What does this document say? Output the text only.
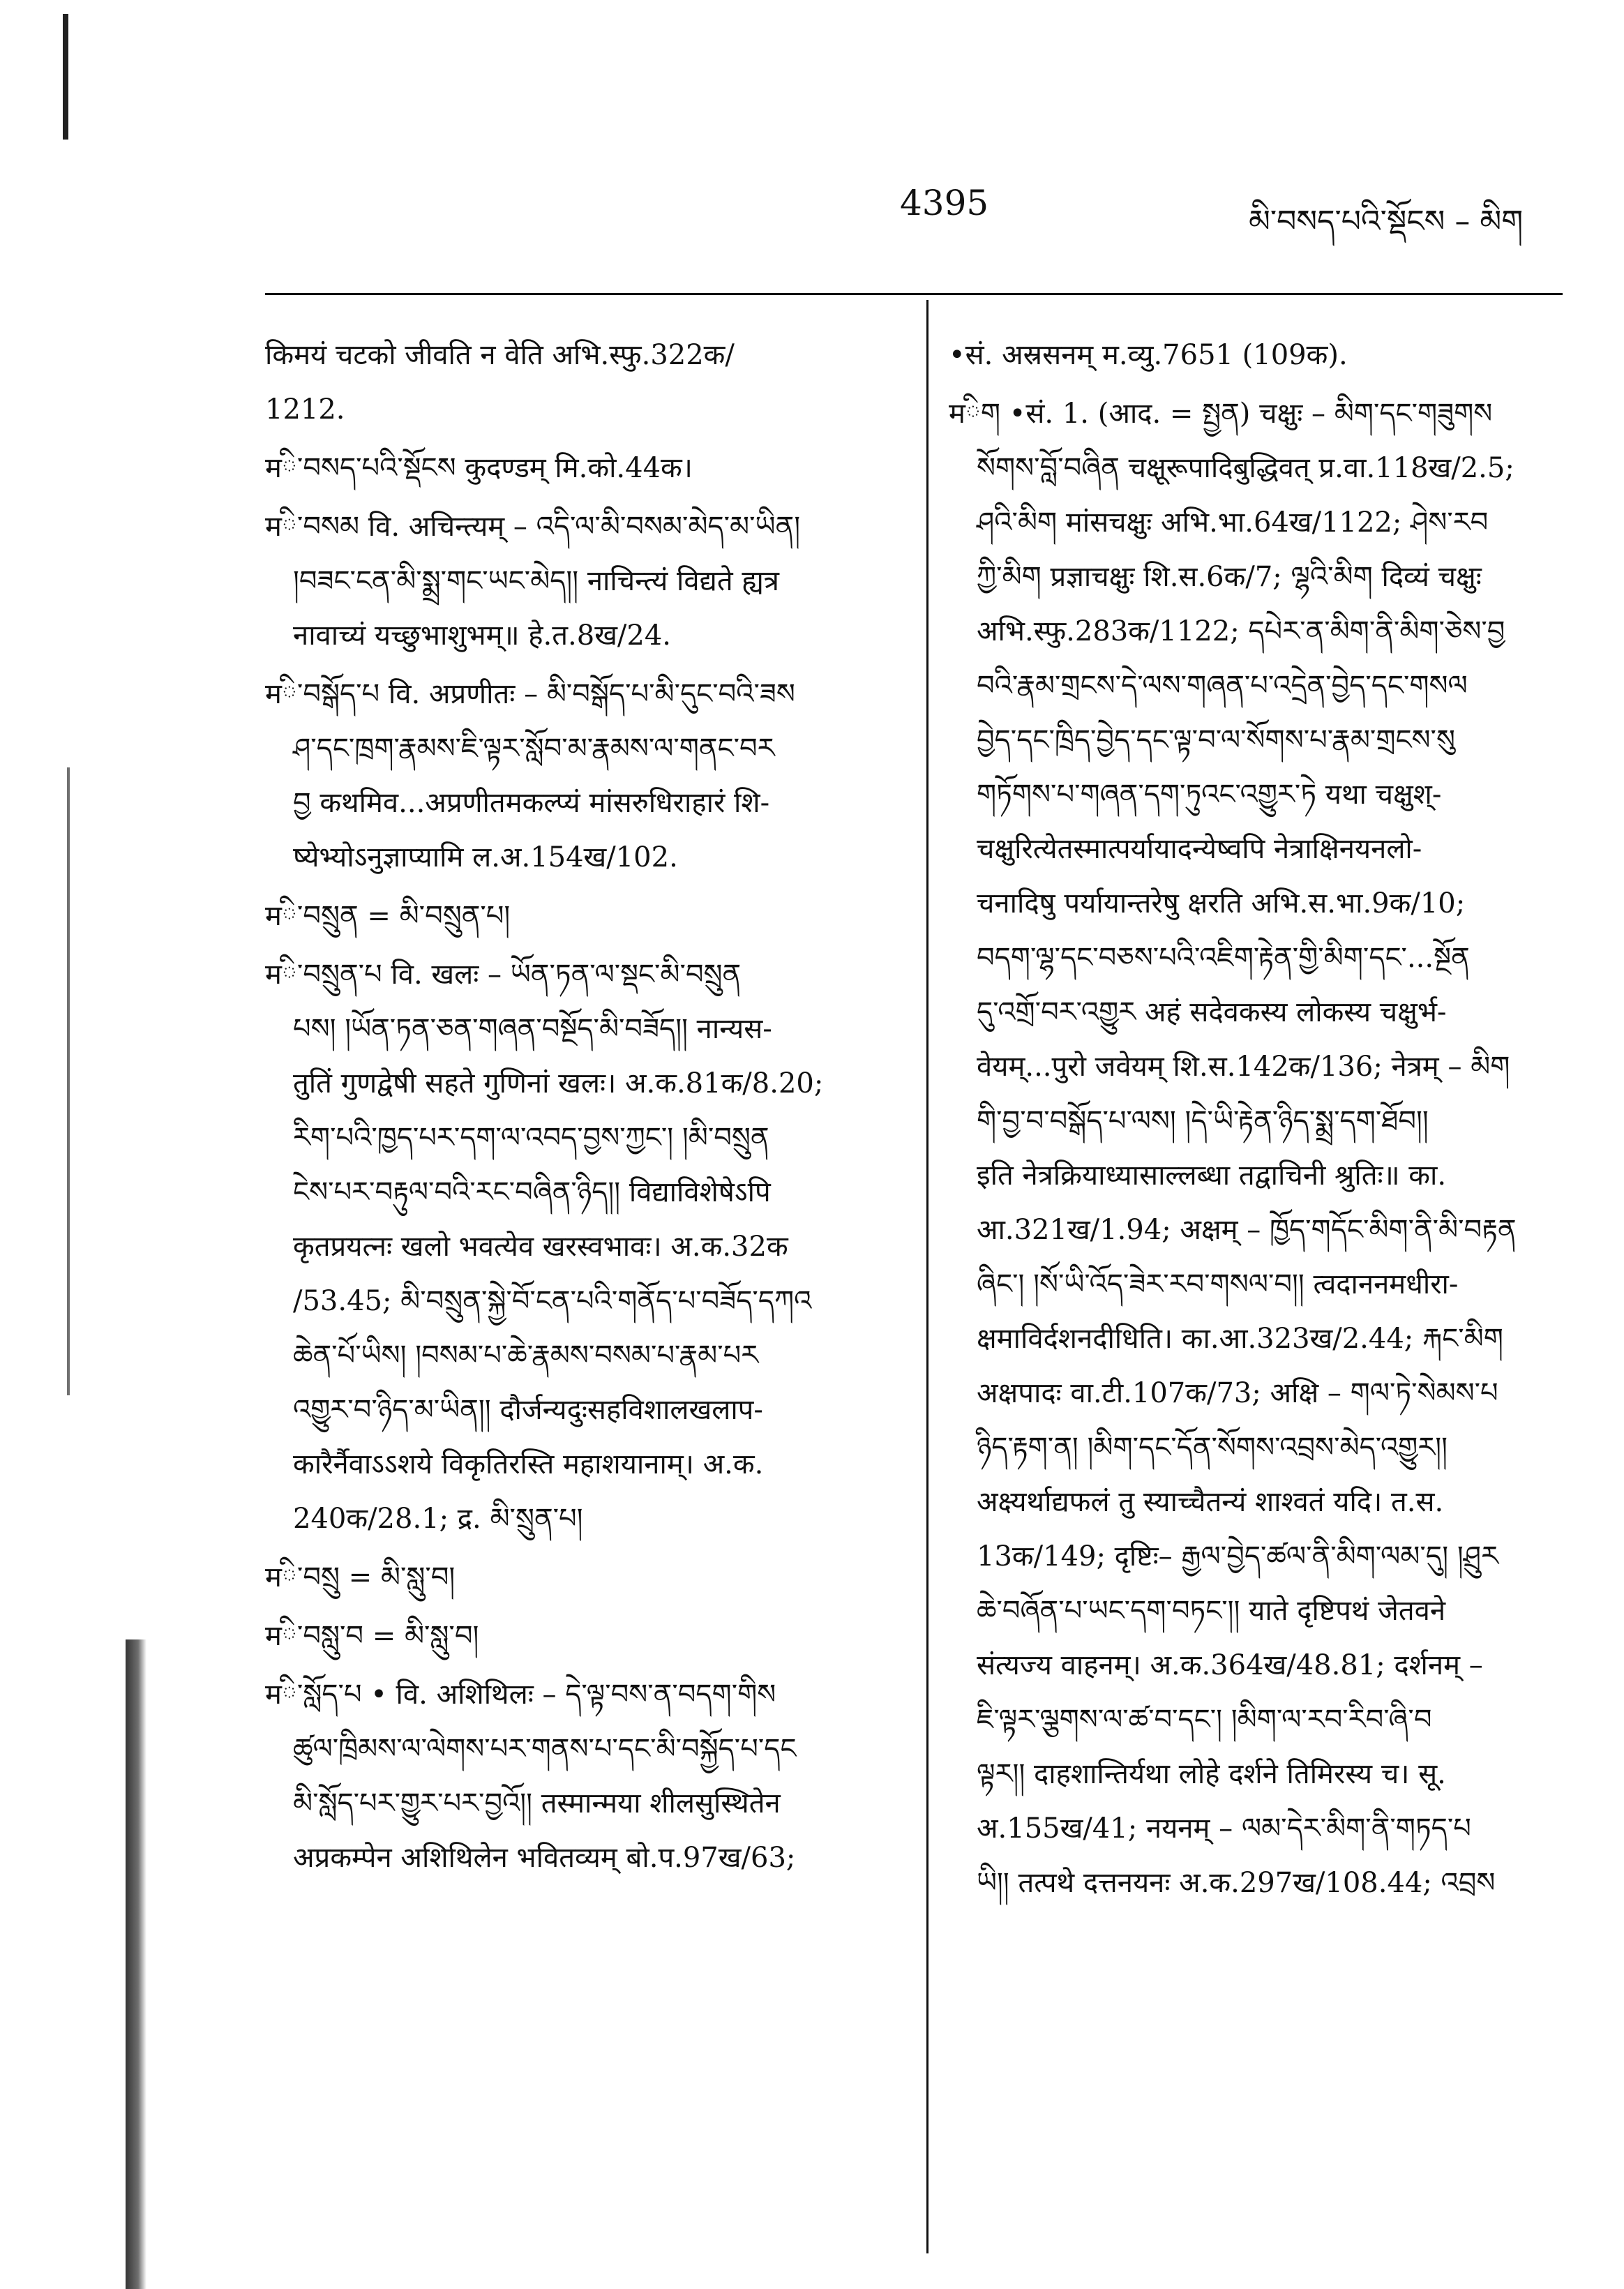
4395	མི་བསད་པའི་སྡོངས – མིག
किमयं चटको जीवति न वेति अभि.स्फु.322क/
1212.
मི་བསད་པའི་སྡོངས कुदण्डम् मि.को.44क।
मི་བསམ वि. अचिन्त्यम् – འདི་ལ་མི་བསམ་མེད་མ་ཡིན།
།བཟང་ངན་མི་སྨྲ་གང་ཡང་མེད།། नाचिन्त्यं विद्यते ह्यत्र
नावाच्यं यच्छुभाशुभम्॥ हे.त.8ख/24.
मི་བསྒོད་པ वि. अप्रणीतः – མི་བསྒོད་པ་མི་དུང་བའི་ཟས
ཤ་དང་ཁྲག་རྣམས་ཇི་ལྟར་སློབ་མ་རྣམས་ལ་གནང་བར
བྱ कथमिव...अप्रणीतमकल्प्यं मांसरुधिराहारं शि-
ष्येभ्योऽनुज्ञाप्यामि ल.अ.154ख/102.
मི་བསྲུན = མི་བསྲུན་པ།
मི་བསྲུན་པ वि. खलः – ཡོན་ཏན་ལ་སྡང་མི་བསྲུན
པས། །ཡོན་ཏན་ཅན་གཞན་བསྔོད་མི་བཟོད།། नान्यस-
तुतिं गुणद्वेषी सहते गुणिनां खलः। अ.क.81क/8.20;
རིག་པའི་ཁྱད་པར་དག་ལ་འབད་བྱས་ཀྱང་། །མི་བསྲུན
ངེས་པར་བརྟུལ་བའི་རང་བཞིན་ཉིད།། विद्याविशेषेऽपि
कृतप्रयत्नः खलो भवत्येव खरस्वभावः। अ.क.32क
/53.45; མི་བསྲུན་སྐྱེ་བོ་ངན་པའི་གནོད་པ་བཟོད་དཀའ
ཆེན་པོ་ཡིས། །བསམ་པ་ཆེ་རྣམས་བསམ་པ་རྣམ་པར
འགྱུར་བ་ཉིད་མ་ཡིན།། दौर्जन्यदुःसहविशालखलाप-
कारैर्नैवाऽऽशये विकृतिरस्ति महाशयानाम्। अ.क.
240क/28.1; द्र. མི་སྲུན་པ།
मི་བསྲུ = མི་སླུ་བ།
मི་བསླུ་བ = མི་སླུ་བ།
मི་སློད་པ • वि. अशिथिलः – དེ་ལྟ་བས་ན་བདག་གིས
ཚུལ་ཁྲིམས་ལ་ལེགས་པར་གནས་པ་དང་མི་བསྐྱོད་པ་དང
མི་སློད་པར་གྱུར་པར་བྱའོ།། तस्मान्मया शीलसुस्थितेन
अप्रकम्पेन अशिथिलेन भवितव्यम् बो.प.97ख/63;
•सं. अस्रसनम् म.व्यु.7651 (109क).
मིག •सं. 1. (आद. = སྤྱན) चक्षुः – མིག་དང་གཟུགས
སོགས་བློ་བཞིན चक्षूरूपादिबुद्धिवत् प्र.वा.118ख/2.5;
ཤའི་མིག मांसचक्षुः अभि.भा.64ख/1122; ཤེས་རབ
ཀྱི་མིག प्रज्ञाचक्षुः शि.स.6क/7; ལྷའི་མིག दिव्यं चक्षुः
अभि.स्फु.283क/1122; དཔེར་ན་མིག་ནི་མིག་ཅེས་བྱ
བའི་རྣམ་གྲངས་དེ་ལས་གཞན་པ་འདྲེན་བྱེད་དང་གསལ
བྱེད་དང་ཁྲིད་བྱེད་དང་ལྟ་བ་ལ་སོགས་པ་རྣམ་གྲངས་སུ
གཏོགས་པ་གཞན་དག་ཏུའང་འགྱུར་ཏེ यथा चक्षुश्-
चक्षुरित्येतस्मात्पर्यायादन्येष्वपि नेत्राक्षिनयनलो-
चनादिषु पर्यायान्तरेषु क्षरति अभि.स.भा.9क/10;
བདག་ལྷ་དང་བཅས་པའི་འཇིག་རྟེན་གྱི་མིག་དང་...སྔོན
དུ་འགྲོ་བར་འགྱུར अहं सदेवकस्य लोकस्य चक्षुर्भ-
वेयम्...पुरो जवेयम् शि.स.142क/136; नेत्रम् – མིག
གི་བྱ་བ་བསྒོད་པ་ལས། །དེ་ཡི་རྟེན་ཉིད་སྨྲ་དག་ཐོབ།།
इति नेत्रक्रियाध्यासाल्लब्धा तद्वाचिनी श्रुतिः॥ का.
आ.321ख/1.94; अक्षम् – ཁྱོད་གདོང་མིག་ནི་མི་བརྟན
ཞིང་། །སོ་ཡི་འོད་ཟེར་རབ་གསལ་བ།། त्वदाननमधीरा-
क्षमाविर्दशनदीधिति। का.आ.323ख/2.44; རྐང་མིག
अक्षपादः वा.टी.107क/73; अक्षि – གལ་ཏེ་སེམས་པ
ཉིད་རྟག་ན། །མིག་དང་དོན་སོགས་འབྲས་མེད་འགྱུར།།
अक्ष्यर्थाद्यफलं तु स्याच्चैतन्यं शाश्वतं यदि। त.स.
13क/149; दृष्टिः– རྒྱལ་བྱེད་ཚལ་ནི་མིག་ལམ་དུ། །ཤྲུར
ཆེ་བཞོན་པ་ཡང་དག་བཏང་།། याते दृष्टिपथं जेतवने
संत्यज्य वाहनम्। अ.क.364ख/48.81; दर्शनम् –
ཇི་ལྟར་ལྕགས་ལ་ཚ་བ་དང་། །མིག་ལ་རབ་རིབ་ཞི་བ
ལྟར།། दाहशान्तिर्यथा लोहे दर्शने तिमिरस्य च। सू.
अ.155ख/41; नयनम् – ལམ་དེར་མིག་ནི་གཏད་པ
ཡི།། तत्पथे दत्तनयनः अ.क.297ख/108.44; འབྲས
